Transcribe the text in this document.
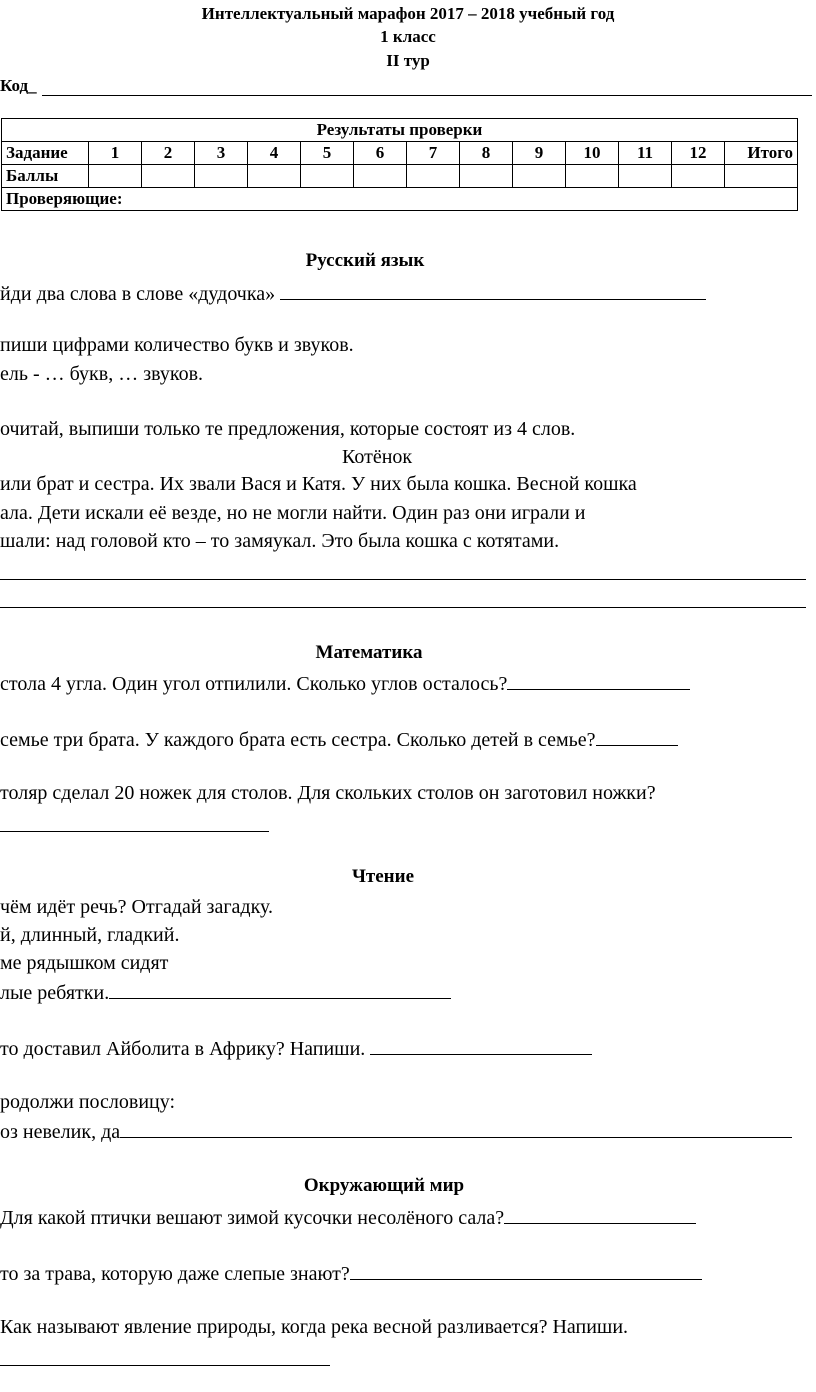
Интеллектуальный марафон 2017 – 2018 учебный год
1 класс
II тур
Код_
Результаты проверки													
Задание	1	2	3	4	5	6	7	8	9	10	11	12	Итого
Баллы													
Проверяющие:													
Русский язык
йди два слова в слове «дудочка»
пиши цифрами количество букв и звуков.
ель - … букв, … звуков.
очитай, выпиши только те предложения, которые состоят из 4 слов.
Котёнок
или брат и сестра. Их звали Вася и Катя. У них была кошка. Весной кошка
ала. Дети искали её везде, но не могли найти. Один раз они играли и
шали: над головой кто – то замяукал. Это была кошка с котятами.
Математика
стола 4 угла. Один угол отпилили. Сколько углов осталось?
семье три брата. У каждого брата есть сестра. Сколько детей в семье?
толяр сделал 20 ножек для столов. Для скольких столов он заготовил ножки?
Чтение
чём идёт речь? Отгадай загадку.
й, длинный, гладкий.
ме рядышком сидят
лые ребятки.
то доставил Айболита в Африку? Напиши.
родолжи пословицу:
оз невелик, да
Окружающий мир
Для какой птички вешают зимой кусочки несолёного сала?
то за трава, которую даже слепые знают?
Как называют явление природы, когда река весной разливается? Напиши.
